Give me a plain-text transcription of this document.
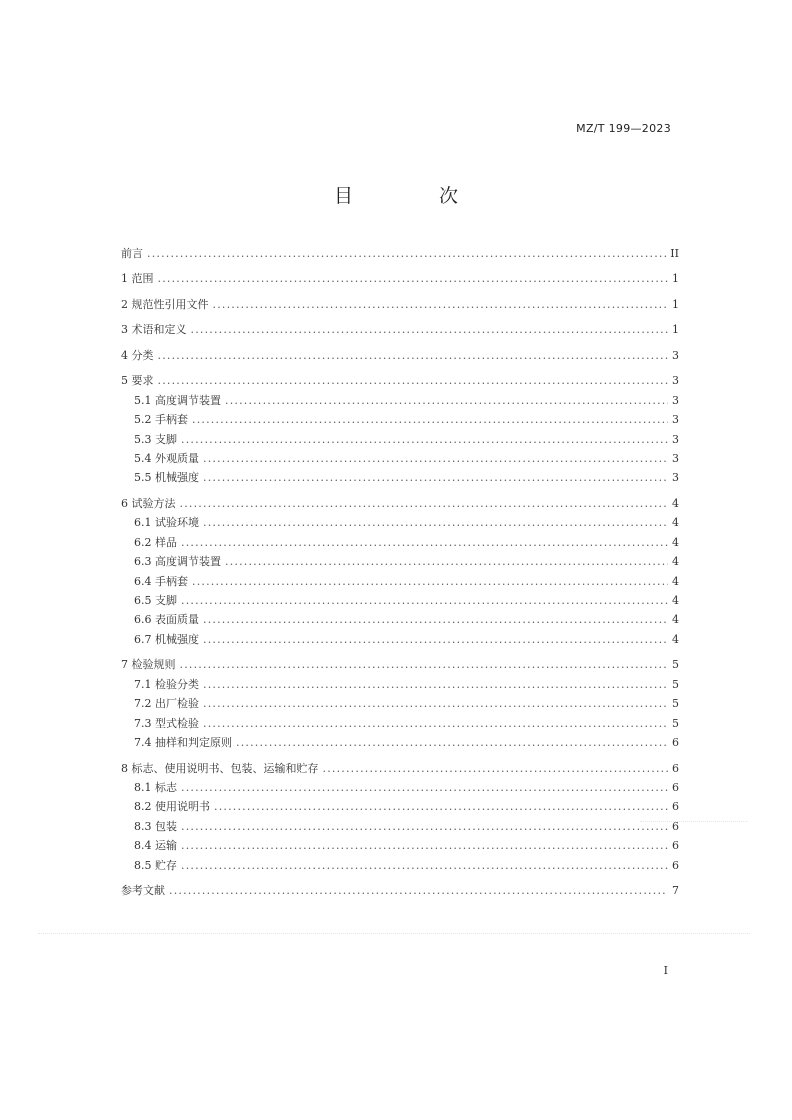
MZ/T 199—2023
目 次
前言 .....	II
1 范围 .....	1
2 规范性引用文件 .....	1
3 术语和定义 .....	1
4 分类 .....	3
5 要求 .....	3
5.1 高度调节装置 .....	3
5.2 手柄套 .....	3
5.3 支脚 .....	3
5.4 外观质量 .....	3
5.5 机械强度 .....	3
6 试验方法 .....	4
6.1 试验环境 .....	4
6.2 样品 .....	4
6.3 高度调节装置 .....	4
6.4 手柄套 .....	4
6.5 支脚 .....	4
6.6 表面质量 .....	4
6.7 机械强度 .....	4
7 检验规则 .....	5
7.1 检验分类 .....	5
7.2 出厂检验 .....	5
7.3 型式检验 .....	5
7.4 抽样和判定原则 .....	6
8 标志、使用说明书、包装、运输和贮存 .....	6
8.1 标志 .....	6
8.2 使用说明书 .....	6
8.3 包装 .....	6
8.4 运输 .....	6
8.5 贮存 .....	6
参考文献 .....	7
I
